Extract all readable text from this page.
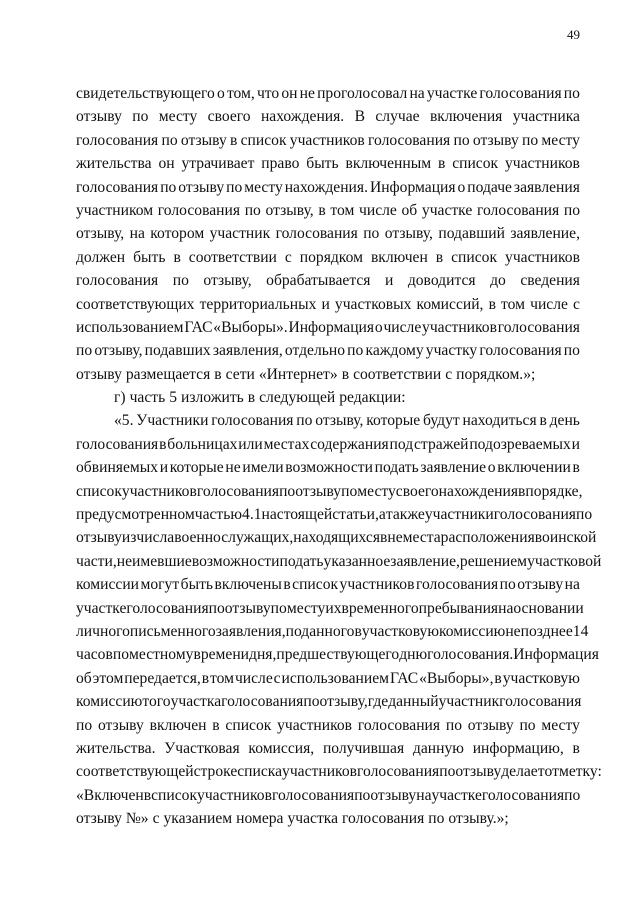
49
свидетельствующего о том, что он не проголосовал на участке голосования по
отзыву по месту своего нахождения. В случае включения участника
голосования по отзыву в список участников голосования по отзыву по месту
жительства он утрачивает право быть включенным в список участников
голосования по отзыву по месту нахождения. Информация о подаче заявления
участником голосования по отзыву, в том числе об участке голосования по
отзыву, на котором участник голосования по отзыву, подавший заявление,
должен быть в соответствии с порядком включен в список участников
голосования по отзыву, обрабатывается и доводится до сведения
соответствующих территориальных и участковых комиссий, в том числе с
использованием ГАС «Выборы». Информация о числе участников голосования
по отзыву, подавших заявления, отдельно по каждому участку голосования по
отзыву размещается в сети «Интернет» в соответствии с порядком.»;
г) часть 5 изложить в следующей редакции:
«5. Участники голосования по отзыву, которые будут находиться в день
голосования в больницах или местах содержания под стражей подозреваемых и
обвиняемых и которые не имели возможности подать заявление о включении в
список участников голосования по отзыву по месту своего нахождения в порядке,
предусмотренном частью 4.1 настоящей статьи, а также участники голосования по
отзыву из числа военнослужащих, находящихся вне места расположения воинской
части, не имевшие возможности подать указанное заявление, решением участковой
комиссии могут быть включены в список участников голосования по отзыву на
участке голосования по отзыву по месту их временного пребывания на основании
личного письменного заявления, поданного в участковую комиссию не позднее 14
часов по местному времени дня, предшествующего дню голосования. Информация
об этом передается, в том числе с использованием ГАС «Выборы», в участковую
комиссию того участка голосования по отзыву, где данный участник голосования
по отзыву включен в список участников голосования по отзыву по месту
жительства. Участковая комиссия, получившая данную информацию, в
соответствующей строке списка участников голосования по отзыву делает отметку:
«Включен в список участников голосования по отзыву на участке голосования по
отзыву №» с указанием номера участка голосования по отзыву.»;
